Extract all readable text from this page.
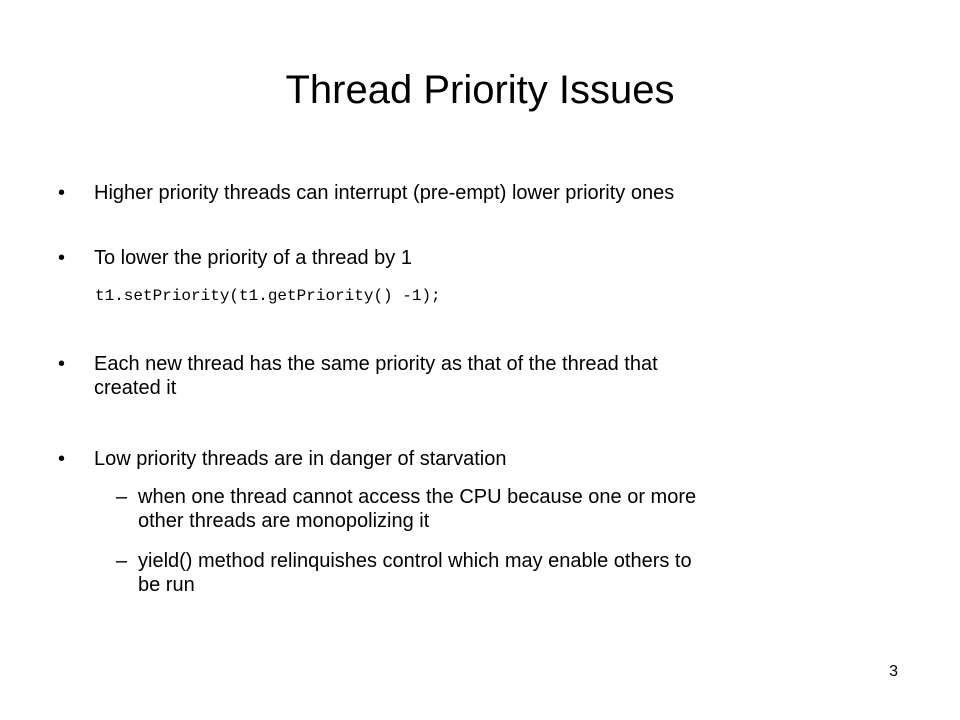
Thread Priority Issues
• Higher priority threads can interrupt (pre-empt) lower priority ones
• To lower the priority of a thread by 1
t1.setPriority(t1.getPriority() -1);
• Each new thread has the same priority as that of the thread that
created it
• Low priority threads are in danger of starvation
– when one thread cannot access the CPU because one or more
other threads are monopolizing it
– yield() method relinquishes control which may enable others to
be run
3
